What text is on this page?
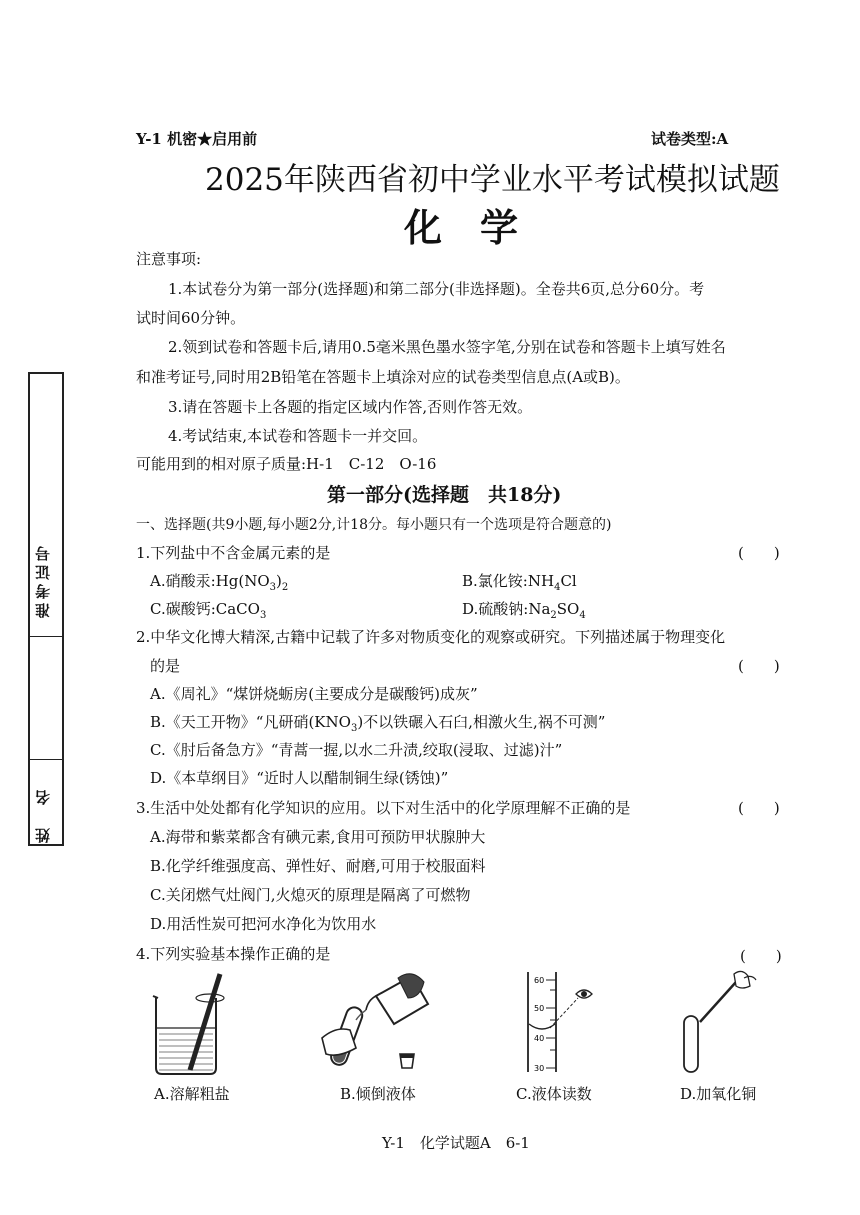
Y-1 机密★启用前	试卷类型:A
2025年陕西省初中学业水平考试模拟试题
化　学
注意事项:
1.本试卷分为第一部分(选择题)和第二部分(非选择题)。全卷共6页,总分60分。考
试时间60分钟。
2.领到试卷和答题卡后,请用0.5毫米黑色墨水签字笔,分别在试卷和答题卡上填写姓名
和准考证号,同时用2B铅笔在答题卡上填涂对应的试卷类型信息点(A或B)。
3.请在答题卡上各题的指定区域内作答,否则作答无效。
4.考试结束,本试卷和答题卡一并交回。
可能用到的相对原子质量:H-1　C-12　O-16
准考证号
姓　名
第一部分(选择题　共18分)
一、选择题(共9小题,每小题2分,计18分。每小题只有一个选项是符合题意的)
1.下列盐中不含金属元素的是	(　　)
A.硝酸汞$:Hg(NO_3)_2$	B.氯化铵$:NH_4Cl$
C.碳酸钙:CaCO$_3$	D.硫酸钠$:Na_2SO_4$
2.中华文化博大精深,古籍中记载了许多对物质变化的观察或研究。下列描述属于物理变化
的是	(　　)
A.《周礼》“煤饼烧蛎房(主要成分是碳酸钙)成灰”
B.《天工开物》“凡研硝$(KNO_3)$不以铁碾入石臼,相激火生,祸不可测”
C.《肘后备急方》“青蒿一握,以水二升渍,绞取(浸取、过滤)汁”
D.《本草纲目》“近时人以醋制铜生绿(锈蚀)”
3.生活中处处都有化学知识的应用。以下对生活中的化学原理解不正确的是	(　　)
A.海带和紫菜都含有碘元素,食用可预防甲状腺肿大
B.化学纤维强度高、弹性好、耐磨,可用于校服面料
C.关闭燃气灶阀门,火熄灭的原理是隔离了可燃物
D.用活性炭可把河水净化为饮用水
4.下列实验基本操作正确的是	(　　)
60
50
40
30
A.溶解粗盐	B.倾倒液体	C.液体读数	D.加氧化铜
Y-1　化学试题A　6-1
